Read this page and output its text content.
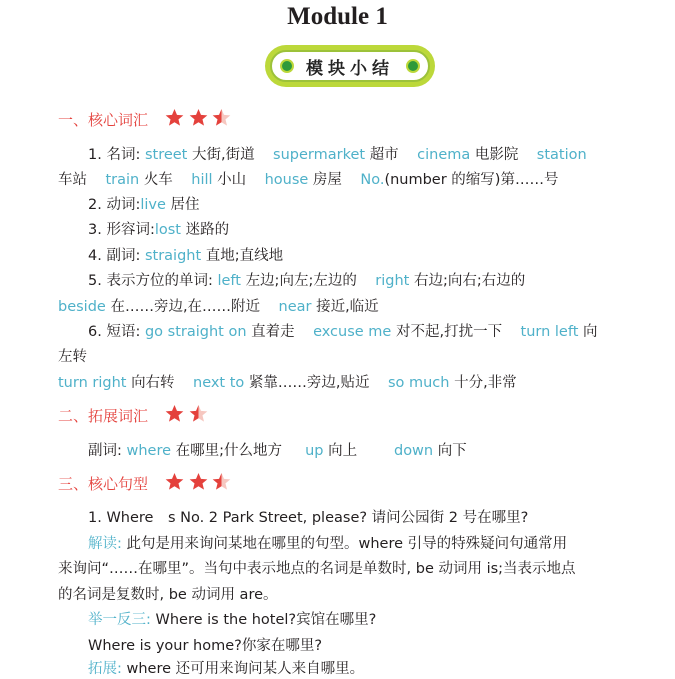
Module 1
模块小结
一、核心词汇
1. 名词: street 大街,街道 supermarket 超市 cinema 电影院 station
车站 train 火车 hill 小山 house 房屋 No.(number 的缩写)第……号
2. 动词:live 居住
3. 形容词:lost 迷路的
4. 副词: straight 直地;直线地
5. 表示方位的单词: left 左边;向左;左边的 right 右边;向右;右边的
beside 在……旁边,在……附近 near 接近,临近
6. 短语: go straight on 直着走 excuse me 对不起,打扰一下 turn left 向
左转
turn right 向右转 next to 紧靠……旁边,贴近 so much 十分,非常
二、拓展词汇
副词: where 在哪里;什么地方 up 向上	down 向下
三、核心句型
1. Where　s No. 2 Park Street, please? 请问公园街 2 号在哪里?
解读: 此句是用来询问某地在哪里的句型。where 引导的特殊疑问句通常用
来询问“……在哪里”。当句中表示地点的名词是单数时, be 动词用 is;当表示地点
的名词是复数时, be 动词用 are。
举一反三: Where is the hotel?宾馆在哪里?
Where is your home?你家在哪里?
拓展: where 还可用来询问某人来自哪里。
